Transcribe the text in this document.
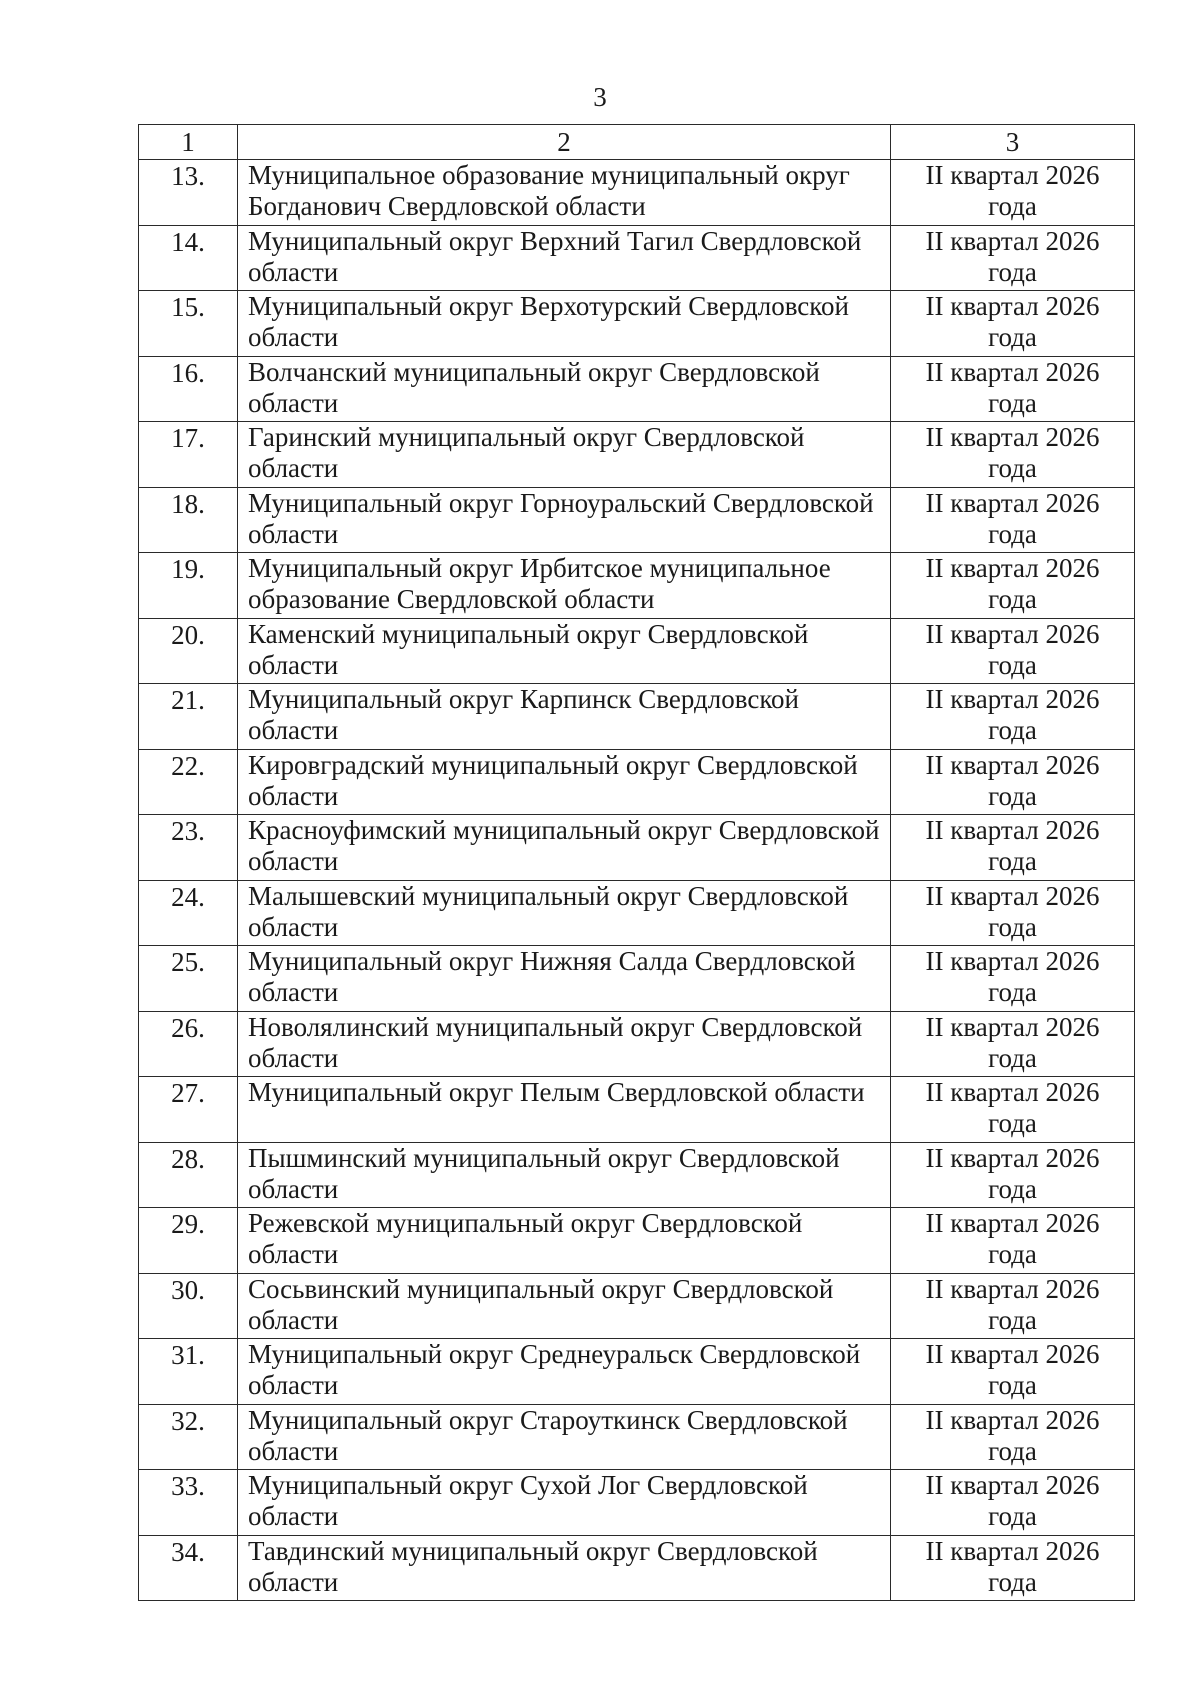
3
1	2	3
13.	Муниципальное образование муниципальный округ Богданович Свердловской области	II квартал 2026
года

14.	Муниципальный округ Верхний Тагил Свердловской области	II квартал 2026
года

15.	Муниципальный округ Верхотурский Свердловской области	II квартал 2026
года

16.	Волчанский муниципальный округ Свердловской области	II квартал 2026
года

17.	Гаринский муниципальный округ Свердловской области	II квартал 2026
года

18.	Муниципальный округ Горноуральский Свердловской области	II квартал 2026
года

19.	Муниципальный округ Ирбитское муниципальное образование Свердловской области	II квартал 2026
года

20.	Каменский муниципальный округ Свердловской области	II квартал 2026
года

21.	Муниципальный округ Карпинск Свердловской области	II квартал 2026
года

22.	Кировградский муниципальный округ Свердловской области	II квартал 2026
года

23.	Красноуфимский муниципальный округ Свердловской области	II квартал 2026
года

24.	Малышевский муниципальный округ Свердловской области	II квартал 2026
года

25.	Муниципальный округ Нижняя Салда Свердловской области	II квартал 2026
года

26.	Новолялинский муниципальный округ Свердловской области	II квартал 2026
года

27.	Муниципальный округ Пелым Свердловской области	II квартал 2026
года

28.	Пышминский муниципальный округ Свердловской области	II квартал 2026
года

29.	Режевской муниципальный округ Свердловской области	II квартал 2026
года

30.	Сосьвинский муниципальный округ Свердловской области	II квартал 2026
года

31.	Муниципальный округ Среднеуральск Свердловской области	II квартал 2026
года

32.	Муниципальный округ Староуткинск Свердловской области	II квартал 2026
года

33.	Муниципальный округ Сухой Лог Свердловской области	II квартал 2026
года

34.	Тавдинский муниципальный округ Свердловской области	II квартал 2026
года
